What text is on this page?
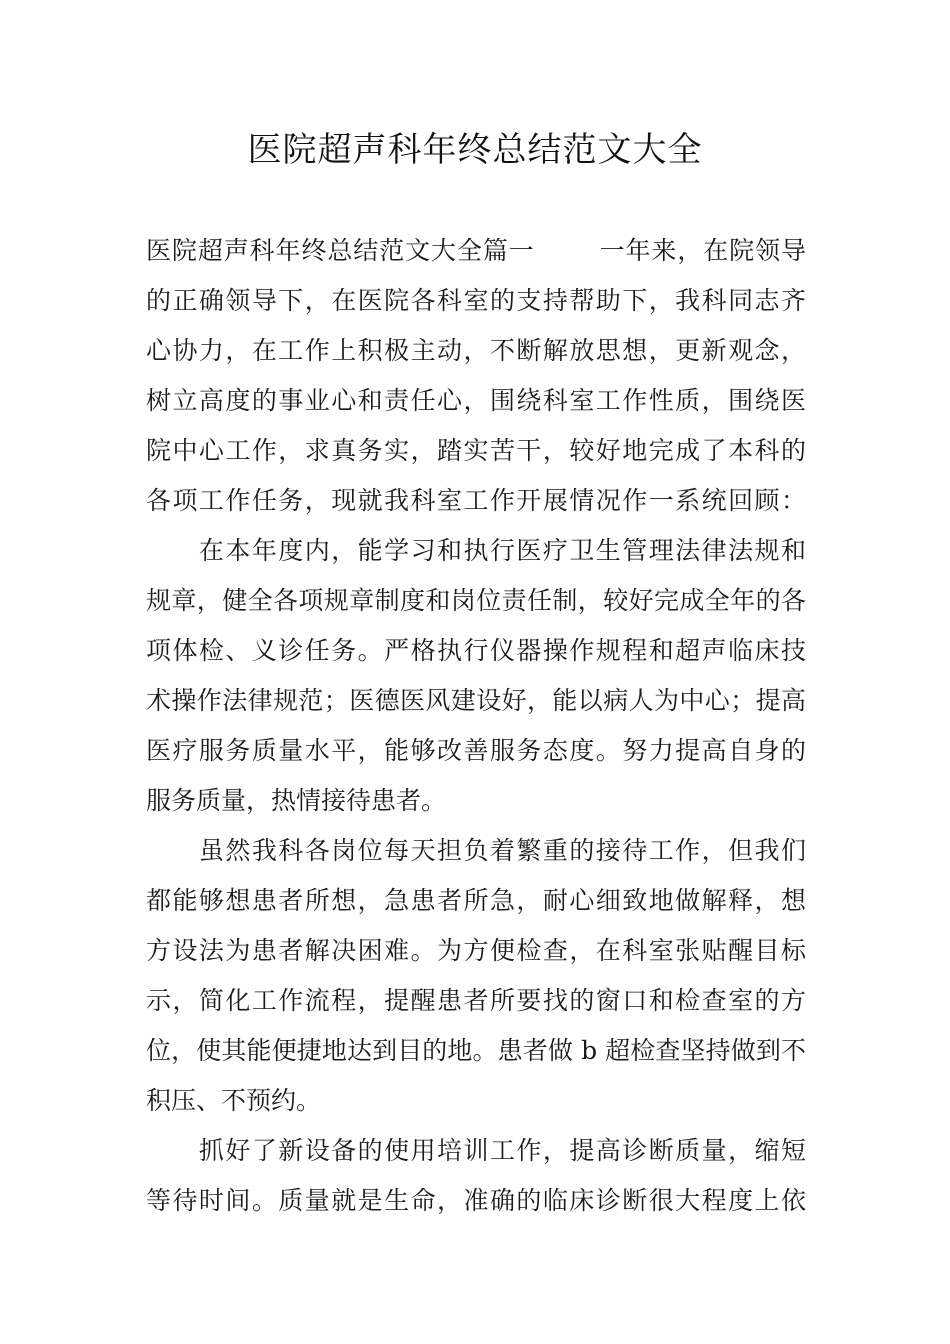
医院超声科年终总结范文大全
医院超声科年终总结范文大全篇一	一年来，在院领导
的正确领导下，在医院各科室的支持帮助下，我科同志齐
心协力，在工作上积极主动，不断解放思想，更新观念，
树立高度的事业心和责任心，围绕科室工作性质，围绕医
院中心工作，求真务实，踏实苦干，较好地完成了本科的
各项工作任务，现就我科室工作开展情况作一系统回顾：
　　在本年度内，能学习和执行医疗卫生管理法律法规和
规章，健全各项规章制度和岗位责任制，较好完成全年的各
项体检、义诊任务。严格执行仪器操作规程和超声临床技
术操作法律规范；医德医风建设好，能以病人为中心；提高
医疗服务质量水平，能够改善服务态度。努力提高自身的
服务质量，热情接待患者。
　　虽然我科各岗位每天担负着繁重的接待工作，但我们
都能够想患者所想，急患者所急，耐心细致地做解释，想
方设法为患者解决困难。为方便检查，在科室张贴醒目标
示，简化工作流程，提醒患者所要找的窗口和检查室的方
位，使其能便捷地达到目的地。患者做 b 超检查坚持做到不
积压、不预约。
　　抓好了新设备的使用培训工作，提高诊断质量，缩短
等待时间。质量就是生命，准确的临床诊断很大程度上依
